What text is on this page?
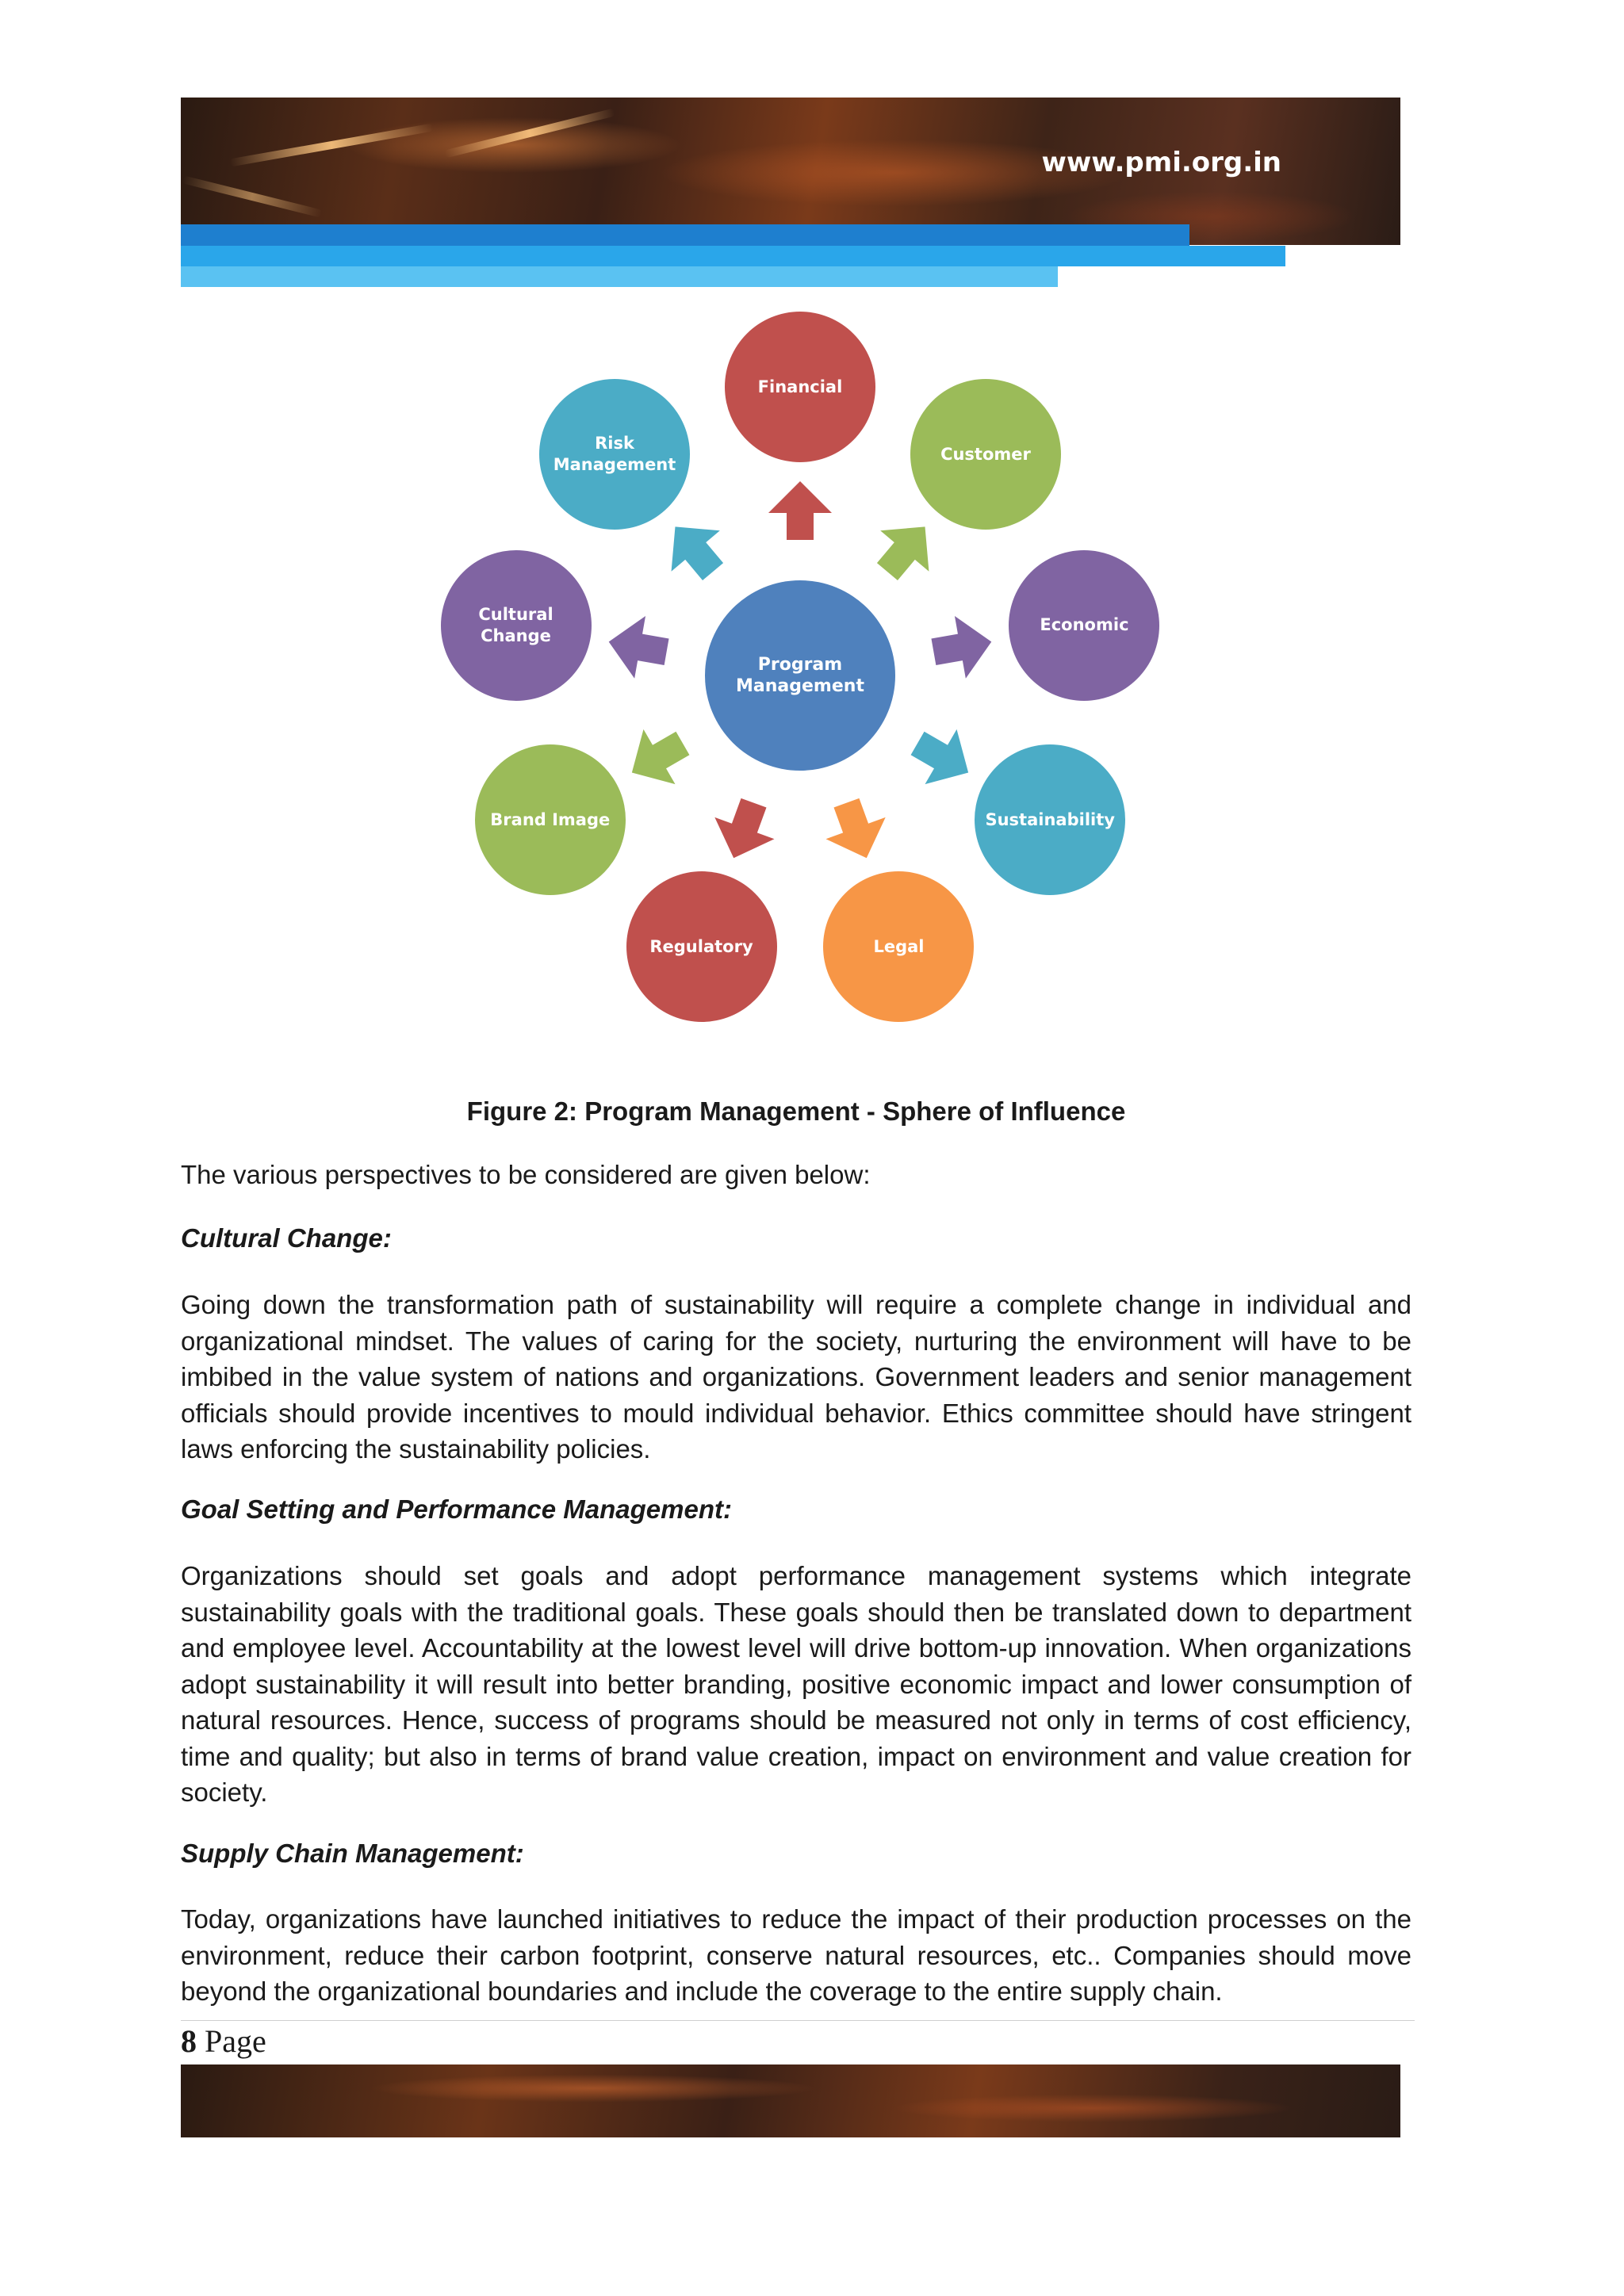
www.pmi.org.in
Program
Management
Financial
Customer
Economic
Sustainability
Legal
Regulatory
Brand Image
Cultural
Change
Risk
Management
Figure 2: Program Management - Sphere of Influence
The various perspectives to be considered are given below:
Cultural Change:
Going down the transformation path of sustainability will require a complete change in individual and organizational mindset. The values of caring for the society, nurturing the environment will have to be imbibed in the value system of nations and organizations. Government leaders and senior management officials should provide incentives to mould individual behavior. Ethics committee should have stringent laws enforcing the sustainability policies.
Goal Setting and Performance Management:
Organizations should set goals and adopt performance management systems which integrate sustainability goals with the traditional goals. These goals should then be translated down to department and employee level. Accountability at the lowest level will drive bottom-up innovation. When organizations adopt sustainability it will result into better branding, positive economic impact and lower consumption of natural resources. Hence, success of programs should be measured not only in terms of cost efficiency, time and quality; but also in terms of brand value creation, impact on environment and value creation for society.
Supply Chain Management:
Today, organizations have launched initiatives to reduce the impact of their production processes on the environment, reduce their carbon footprint, conserve natural resources, etc.. Companies should move beyond the organizational boundaries and include the coverage to the entire supply chain.
8 Page
